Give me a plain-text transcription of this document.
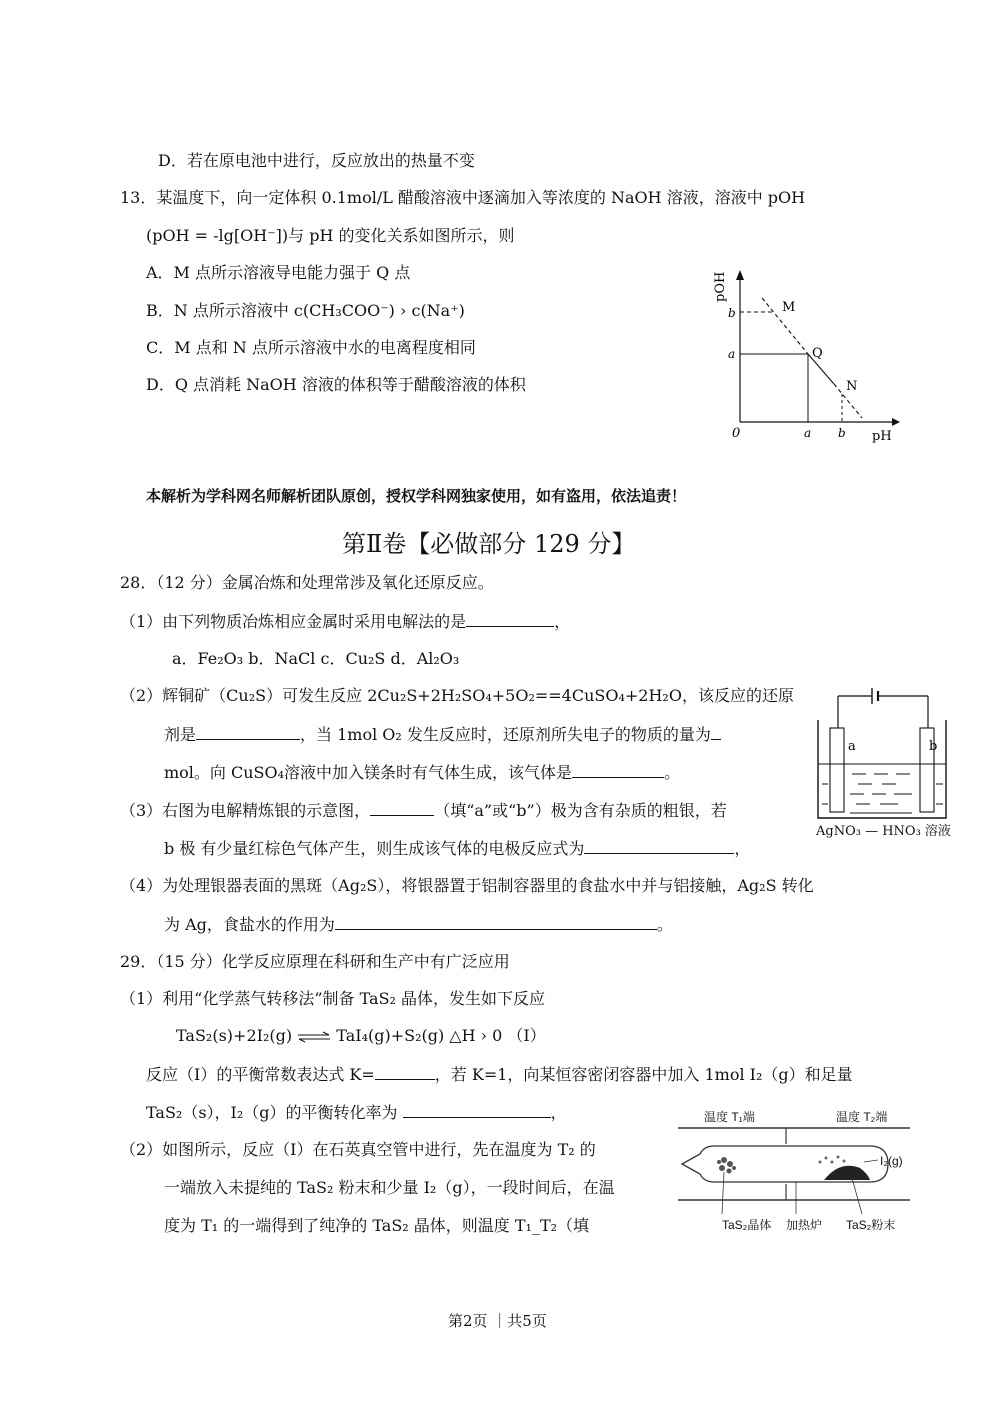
D．若在原电池中进行，反应放出的热量不变
13．某温度下，向一定体积 0.1mol/L 醋酸溶液中逐滴加入等浓度的 NaOH 溶液，溶液中 pOH
(pOH = -lg[OH⁻])与 pH 的变化关系如图所示，则
A．M 点所示溶液导电能力强于 Q 点
B．N 点所示溶液中 c(CH₃COO⁻) › c(Na⁺)
C．M 点和 N 点所示溶液中水的电离程度相同
D．Q 点消耗 NaOH 溶液的体积等于醋酸溶液的体积
pOH
pH
0
b
a
a b
M
Q
N
本解析为学科网名师解析团队原创，授权学科网独家使用，如有盗用，依法追责！
第Ⅱ卷【必做部分 129 分】
28．（12 分）金属冶炼和处理常涉及氧化还原反应。
（1）由下列物质冶炼相应金属时采用电解法的是	，
a．Fe₂O₃ b．NaCl c．Cu₂S d．Al₂O₃
（2）辉铜矿（Cu₂S）可发生反应 2Cu₂S+2H₂SO₄+5O₂==4CuSO₄+2H₂O，该反应的还原
剂是	，当 1mol O₂ 发生反应时，还原剂所失电子的物质的量为
mol。向 CuSO₄溶液中加入镁条时有气体生成，该气体是	。
（3）右图为电解精炼银的示意图，	（填“a”或“b”）极为含有杂质的粗银，若
b 极 有少量红棕色气体产生，则生成该气体的电极反应式为	，
（4）为处理银器表面的黑斑（Ag₂S），将银器置于铝制容器里的食盐水中并与铝接触，Ag₂S 转化
为 Ag，食盐水的作用为	。
a	b
AgNO₃ — HNO₃ 溶液
29．（15 分）化学反应原理在科研和生产中有广泛应用
（1）利用“化学蒸气转移法”制备 TaS₂ 晶体，发生如下反应
TaS₂(s)+2I₂(g) ⇌ TaI₄(g)+S₂(g) △H › 0 （I）
反应（I）的平衡常数表达式 K=	，若 K=1，向某恒容密闭容器中加入 1mol I₂（g）和足量
TaS₂（s），I₂（g）的平衡转化率为	，
（2）如图所示，反应（I）在石英真空管中进行，先在温度为 T₂ 的
一端放入未提纯的 TaS₂ 粉末和少量 I₂（g），一段时间后，在温
度为 T₁ 的一端得到了纯净的 TaS₂ 晶体，则温度 T₁_T₂（填
温度 T₁端	温度 T₂端
I₂(g)
TaS₂晶体 加热炉 TaS₂粉末
第2页 ｜共5页
